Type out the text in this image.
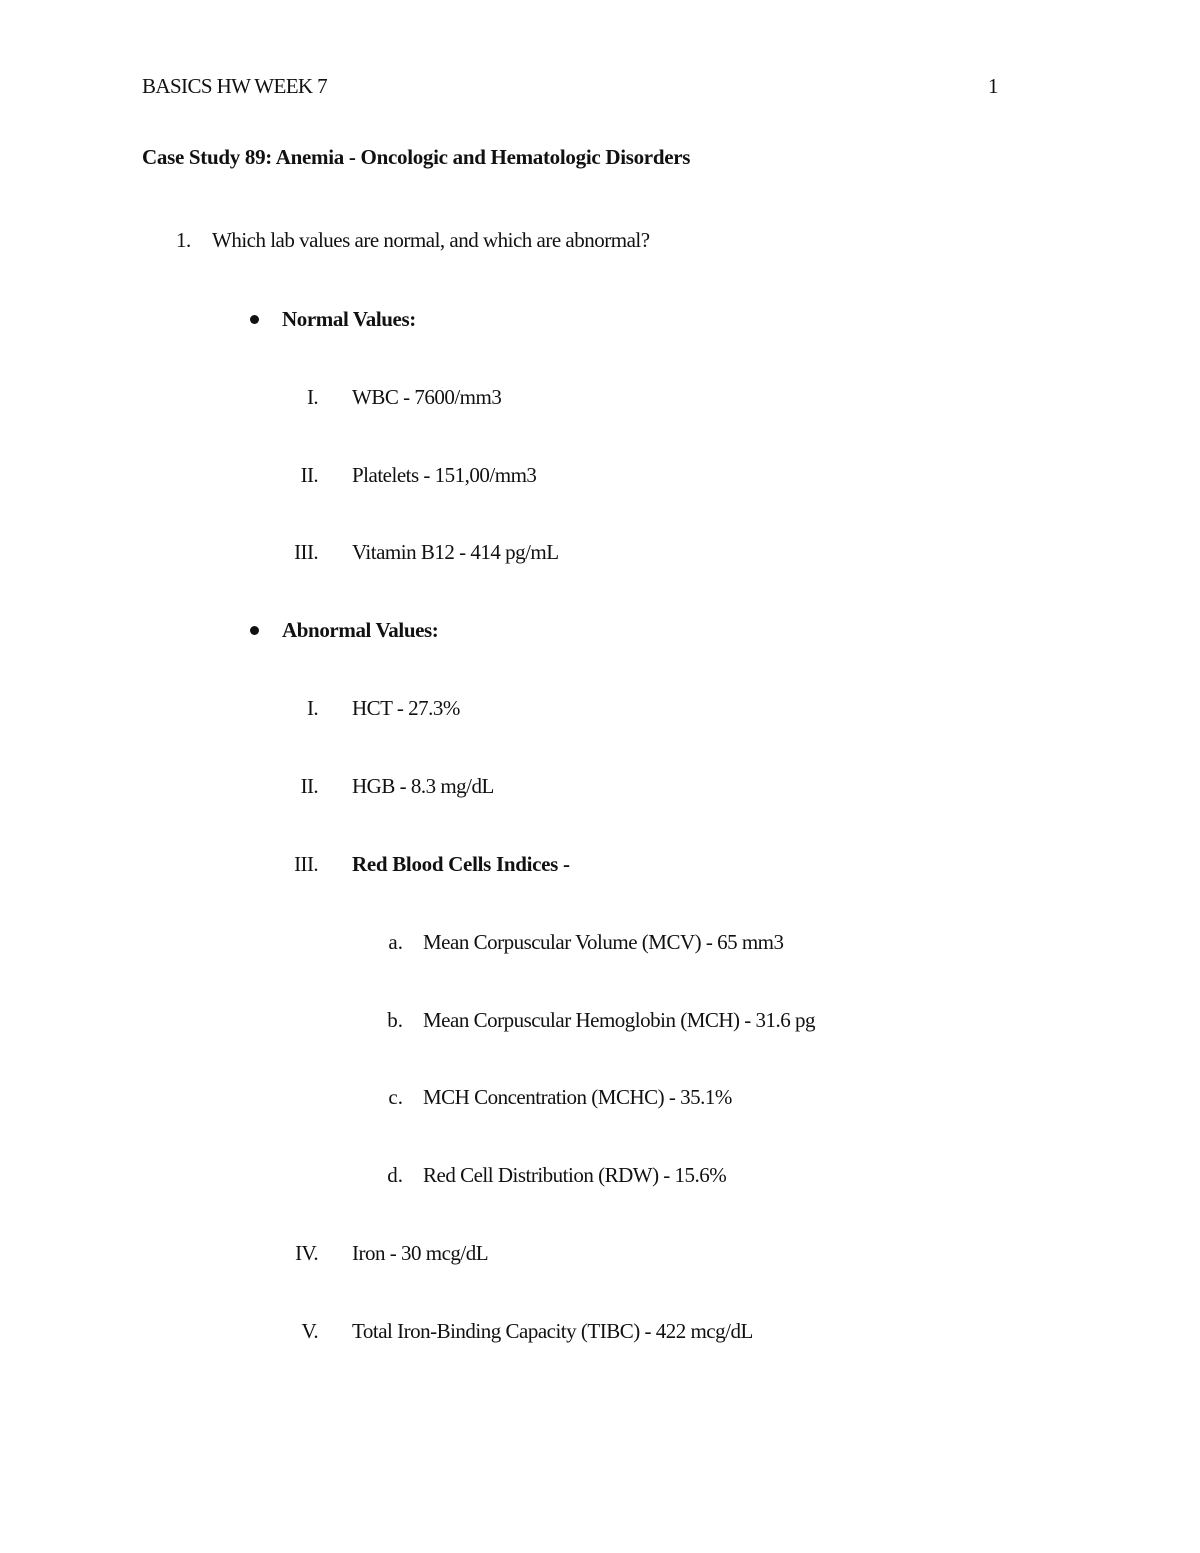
BASICS HW WEEK 7	1
Case Study 89: Anemia - Oncologic and Hematologic Disorders
1. Which lab values are normal, and which are abnormal?
Normal Values:
I. WBC - 7600/mm3
II. Platelets - 151,00/mm3
III. Vitamin B12 - 414 pg/mL
Abnormal Values:
I. HCT - 27.3%
II. HGB - 8.3 mg/dL
III. Red Blood Cells Indices -
a. Mean Corpuscular Volume (MCV) - 65 mm3
b. Mean Corpuscular Hemoglobin (MCH) - 31.6 pg
c. MCH Concentration (MCHC) - 35.1%
d. Red Cell Distribution (RDW) - 15.6%
IV. Iron - 30 mcg/dL
V. Total Iron-Binding Capacity (TIBC) - 422 mcg/dL
